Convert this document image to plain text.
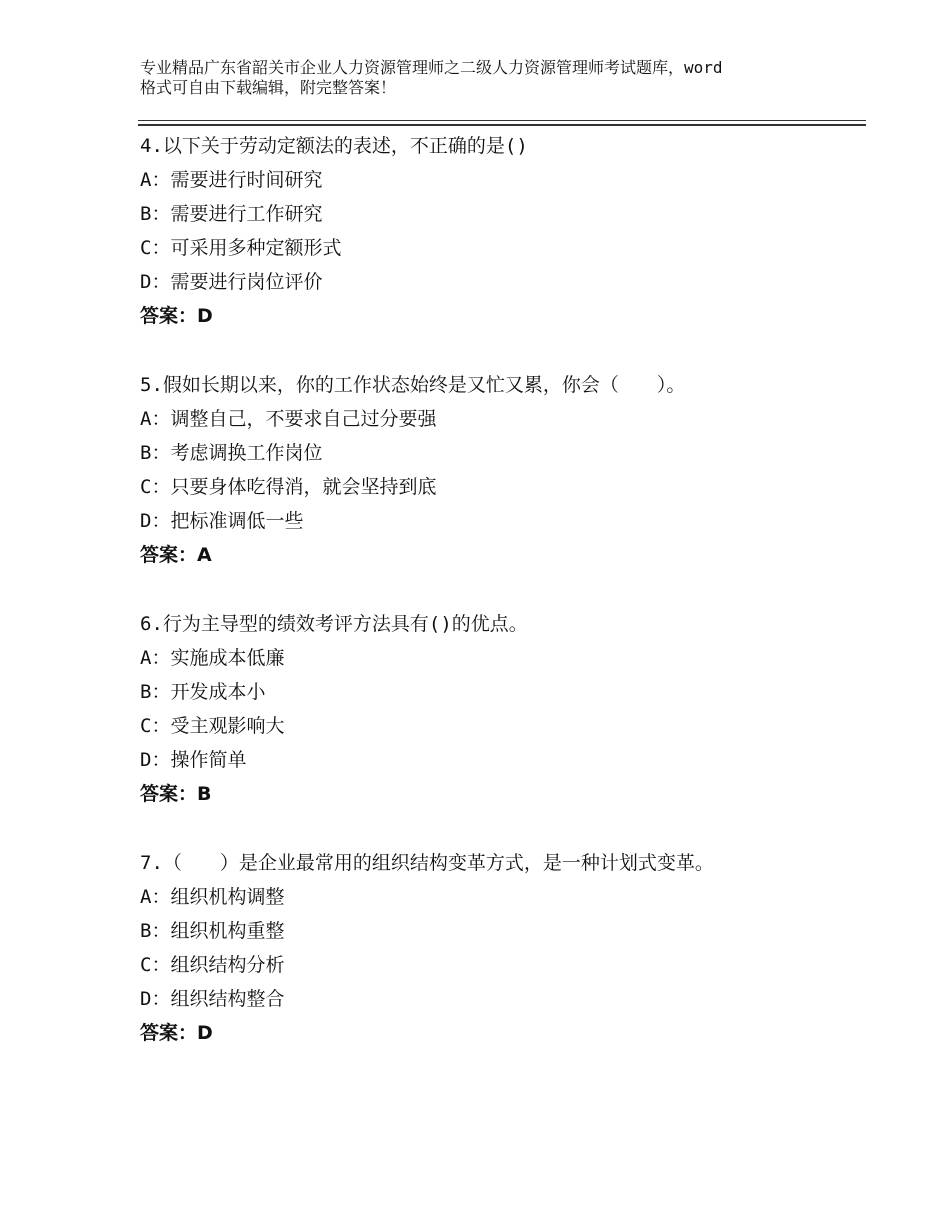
专业精品广东省韶关市企业人力资源管理师之二级人力资源管理师考试题库，word
格式可自由下载编辑，附完整答案！
4.以下关于劳动定额法的表述，不正确的是()
A：需要进行时间研究
B：需要进行工作研究
C：可采用多种定额形式
D：需要进行岗位评价
答案：D
5.假如长期以来，你的工作状态始终是又忙又累，你会（　　）。
A：调整自己，不要求自己过分要强
B：考虑调换工作岗位
C：只要身体吃得消，就会坚持到底
D：把标准调低一些
答案：A
6.行为主导型的绩效考评方法具有()的优点。
A：实施成本低廉
B：开发成本小
C：受主观影响大
D：操作简单
答案：B
7.（　　）是企业最常用的组织结构变革方式，是一种计划式变革。
A：组织机构调整
B：组织机构重整
C：组织结构分析
D：组织结构整合
答案：D
